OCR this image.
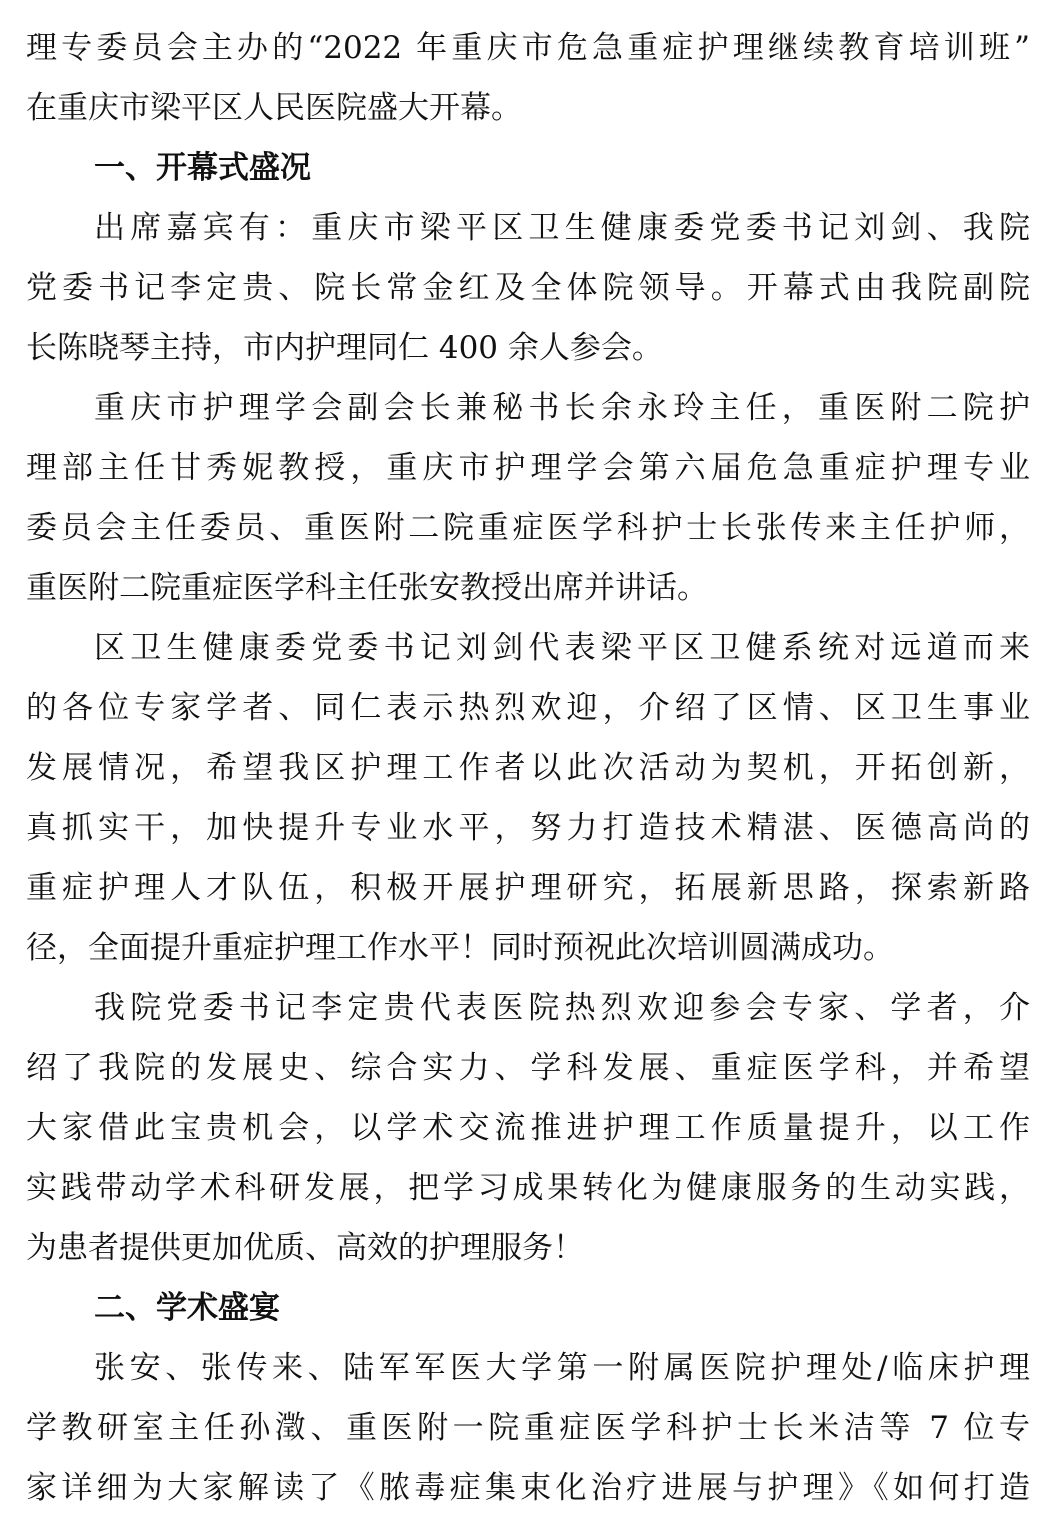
理专委员会主办的“2022 年重庆市危急重症护理继续教育培训班”
在重庆市梁平区人民医院盛大开幕。
一、开幕式盛况
出席嘉宾有：重庆市梁平区卫生健康委党委书记刘剑、我院
党委书记李定贵、院长常金红及全体院领导。开幕式由我院副院
长陈晓琴主持，市内护理同仁 400 余人参会。
重庆市护理学会副会长兼秘书长余永玲主任，重医附二院护
理部主任甘秀妮教授，重庆市护理学会第六届危急重症护理专业
委员会主任委员、重医附二院重症医学科护士长张传来主任护师，
重医附二院重症医学科主任张安教授出席并讲话。
区卫生健康委党委书记刘剑代表梁平区卫健系统对远道而来
的各位专家学者、同仁表示热烈欢迎，介绍了区情、区卫生事业
发展情况，希望我区护理工作者以此次活动为契机，开拓创新，
真抓实干，加快提升专业水平，努力打造技术精湛、医德高尚的
重症护理人才队伍，积极开展护理研究，拓展新思路，探索新路
径，全面提升重症护理工作水平！同时预祝此次培训圆满成功。
我院党委书记李定贵代表医院热烈欢迎参会专家、学者，介
绍了我院的发展史、综合实力、学科发展、重症医学科，并希望
大家借此宝贵机会，以学术交流推进护理工作质量提升，以工作
实践带动学术科研发展，把学习成果转化为健康服务的生动实践，
为患者提供更加优质、高效的护理服务！
二、学术盛宴
张安、张传来、陆军军医大学第一附属医院护理处/临床护理
学教研室主任孙澂、重医附一院重症医学科护士长米洁等 7 位专
家详细为大家解读了《脓毒症集束化治疗进展与护理》《如何打造
